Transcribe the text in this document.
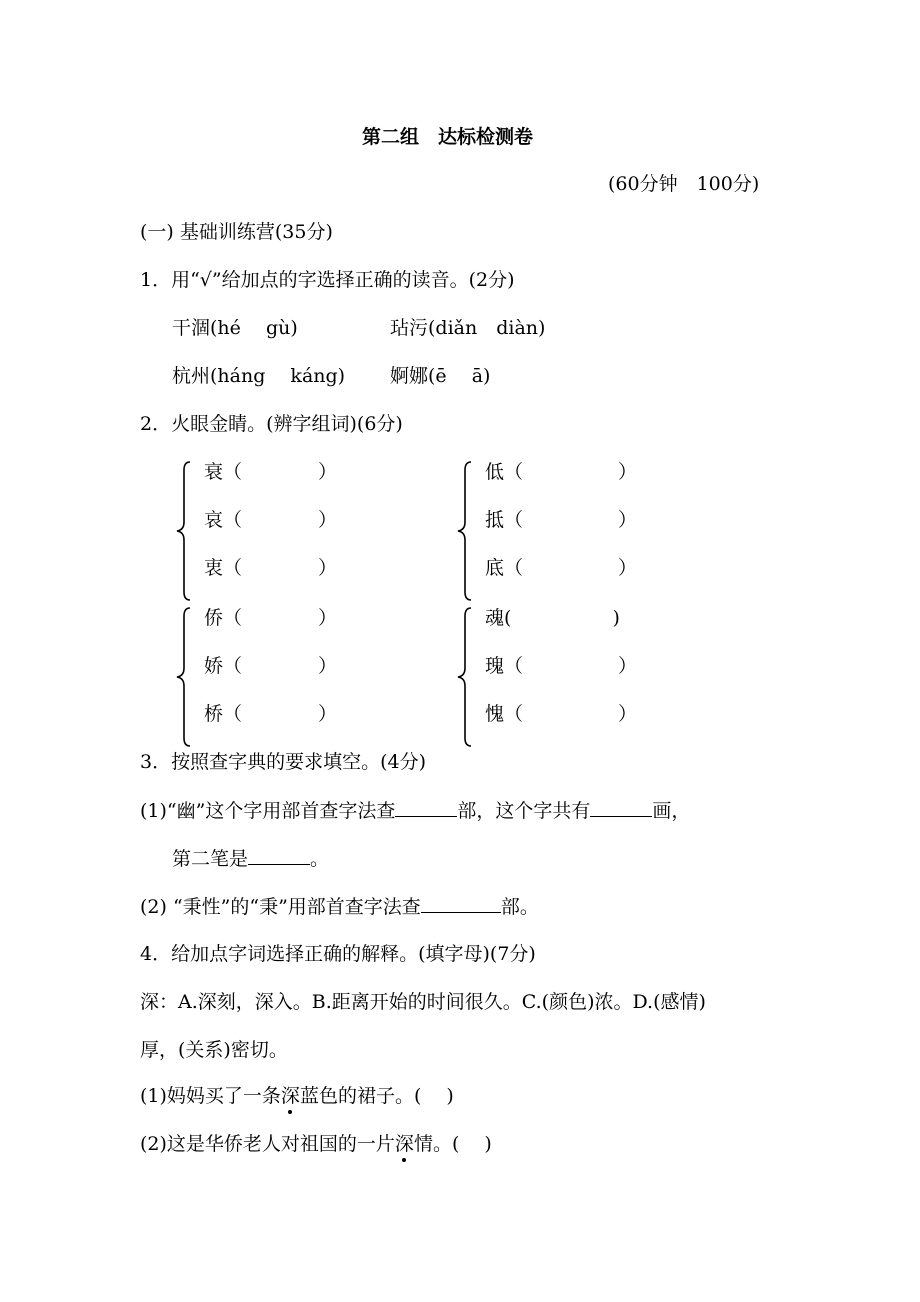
第二组　达标检测卷
(60分钟　100分)
(一) 基础训练营(35分)
1．用“√”给加点的字选择正确的读音。(2分)
干涸(hé　 gù)	玷污(diǎn　diàn)
杭州(háng　 káng) 婀娜(ē　 ā)
2．火眼金睛。(辨字组词)(6分)
衰（　　　　）
哀（　　　　）
衷（　　　　）
低（　　　　　）
抵（　　　　　）
底（　　　　　）
侨（　　　　）
娇（　　　　）
桥（　　　　）
魂(　　　　　 )
瑰（　　　　　）
愧（　　　　　）
3．按照查字典的要求填空。(4分)
(1)“幽”这个字用部首查字法查	部，这个字共有	画，
第二笔是	。
(2) “秉性”的“秉”用部首查字法查	部。
4．给加点字词选择正确的解释。(填字母)(7分)
深：A.深刻，深入。B.距离开始的时间很久。C.(颜色)浓。D.(感情)
厚，(关系)密切。
(1)妈妈买了一条深蓝色的裙子。(　 )
(2)这是华侨老人对祖国的一片深情。(　 )
